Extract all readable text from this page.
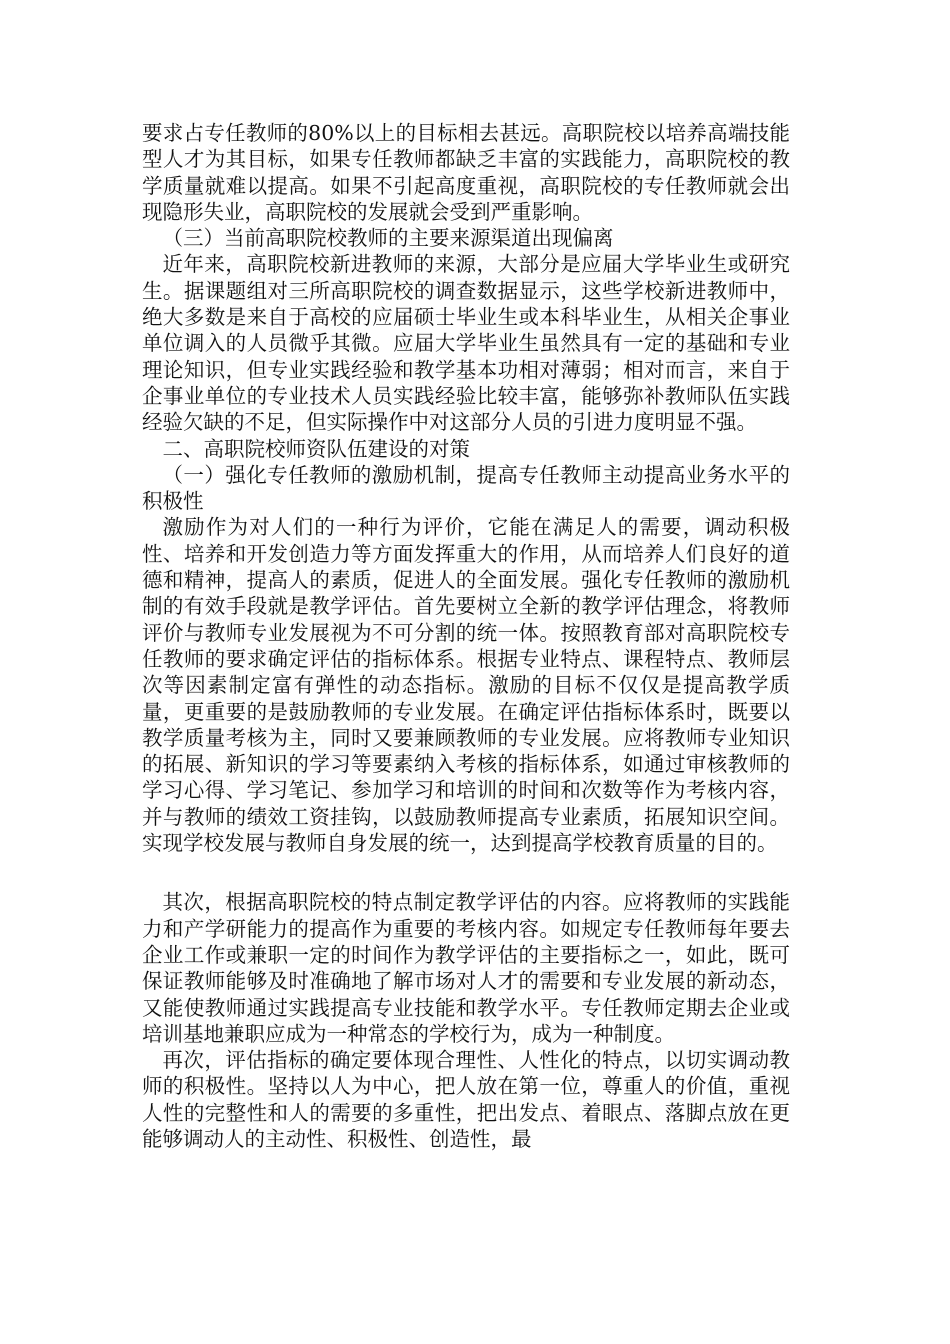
要求占专任教师的80%以上的目标相去甚远。高职院校以培养高端技能型人才为其目标，如果专任教师都缺乏丰富的实践能力，高职院校的教学质量就难以提高。如果不引起高度重视，高职院校的专任教师就会出现隐形失业，高职院校的发展就会受到严重影响。
（三）当前高职院校教师的主要来源渠道出现偏离
近年来，高职院校新进教师的来源，大部分是应届大学毕业生或研究生。据课题组对三所高职院校的调查数据显示，这些学校新进教师中，绝大多数是来自于高校的应届硕士毕业生或本科毕业生，从相关企事业单位调入的人员微乎其微。应届大学毕业生虽然具有一定的基础和专业理论知识，但专业实践经验和教学基本功相对薄弱；相对而言，来自于企事业单位的专业技术人员实践经验比较丰富，能够弥补教师队伍实践经验欠缺的不足，但实际操作中对这部分人员的引进力度明显不强。
二、高职院校师资队伍建设的对策
（一）强化专任教师的激励机制，提高专任教师主动提高业务水平的积极性
激励作为对人们的一种行为评价，它能在满足人的需要，调动积极性、培养和开发创造力等方面发挥重大的作用，从而培养人们良好的道德和精神，提高人的素质，促进人的全面发展。强化专任教师的激励机制的有效手段就是教学评估。首先要树立全新的教学评估理念，将教师评价与教师专业发展视为不可分割的统一体。按照教育部对高职院校专任教师的要求确定评估的指标体系。根据专业特点、课程特点、教师层次等因素制定富有弹性的动态指标。激励的目标不仅仅是提高教学质量，更重要的是鼓励教师的专业发展。在确定评估指标体系时，既要以教学质量考核为主，同时又要兼顾教师的专业发展。应将教师专业知识的拓展、新知识的学习等要素纳入考核的指标体系，如通过审核教师的学习心得、学习笔记、参加学习和培训的时间和次数等作为考核内容，并与教师的绩效工资挂钩，以鼓励教师提高专业素质，拓展知识空间。实现学校发展与教师自身发展的统一，达到提高学校教育质量的目的。
其次，根据高职院校的特点制定教学评估的内容。应将教师的实践能力和产学研能力的提高作为重要的考核内容。如规定专任教师每年要去企业工作或兼职一定的时间作为教学评估的主要指标之一，如此，既可保证教师能够及时准确地了解市场对人才的需要和专业发展的新动态，又能使教师通过实践提高专业技能和教学水平。专任教师定期去企业或培训基地兼职应成为一种常态的学校行为，成为一种制度。
再次，评估指标的确定要体现合理性、人性化的特点，以切实调动教师的积极性。坚持以人为中心，把人放在第一位，尊重人的价值，重视人性的完整性和人的需要的多重性，把出发点、着眼点、落脚点放在更能够调动人的主动性、积极性、创造性，最
